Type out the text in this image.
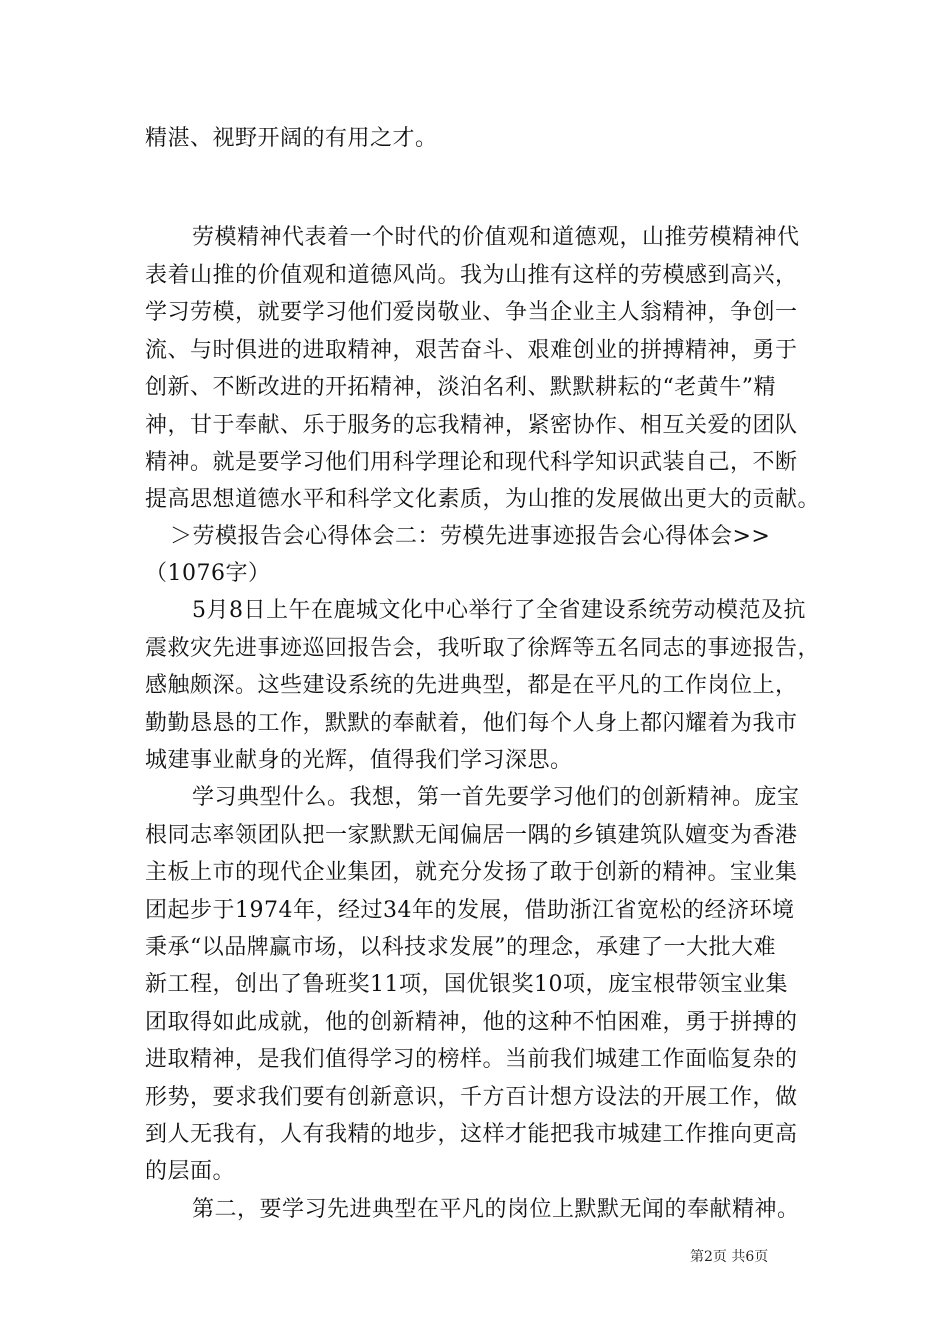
精湛、视野开阔的有用之才。
劳模精神代表着一个时代的价值观和道德观，山推劳模精神代
表着山推的价值观和道德风尚。我为山推有这样的劳模感到高兴，
学习劳模，就要学习他们爱岗敬业、争当企业主人翁精神，争创一
流、与时俱进的进取精神，艰苦奋斗、艰难创业的拼搏精神，勇于
创新、不断改进的开拓精神，淡泊名利、默默耕耘的“老黄牛”精
神，甘于奉献、乐于服务的忘我精神，紧密协作、相互关爱的团队
精神。就是要学习他们用科学理论和现代科学知识武装自己，不断
提高思想道德水平和科学文化素质，为山推的发展做出更大的贡献。
＞劳模报告会心得体会二：劳模先进事迹报告会心得体会>>
（1076字）
5月8日上午在鹿城文化中心举行了全省建设系统劳动模范及抗
震救灾先进事迹巡回报告会，我听取了徐辉等五名同志的事迹报告，
感触颇深。这些建设系统的先进典型，都是在平凡的工作岗位上，
勤勤恳恳的工作，默默的奉献着，他们每个人身上都闪耀着为我市
城建事业献身的光辉，值得我们学习深思。
学习典型什么。我想，第一首先要学习他们的创新精神。庞宝
根同志率领团队把一家默默无闻偏居一隅的乡镇建筑队嬗变为香港
主板上市的现代企业集团，就充分发扬了敢于创新的精神。宝业集
团起步于1974年，经过34年的发展，借助浙江省宽松的经济环境
秉承“以品牌赢市场，以科技求发展”的理念，承建了一大批大难
新工程，创出了鲁班奖11项，国优银奖10项，庞宝根带领宝业集
团取得如此成就，他的创新精神，他的这种不怕困难，勇于拼搏的
进取精神，是我们值得学习的榜样。当前我们城建工作面临复杂的
形势，要求我们要有创新意识，千方百计想方设法的开展工作，做
到人无我有，人有我精的地步，这样才能把我市城建工作推向更高
的层面。
第二，要学习先进典型在平凡的岗位上默默无闻的奉献精神。
第2页 共6页
